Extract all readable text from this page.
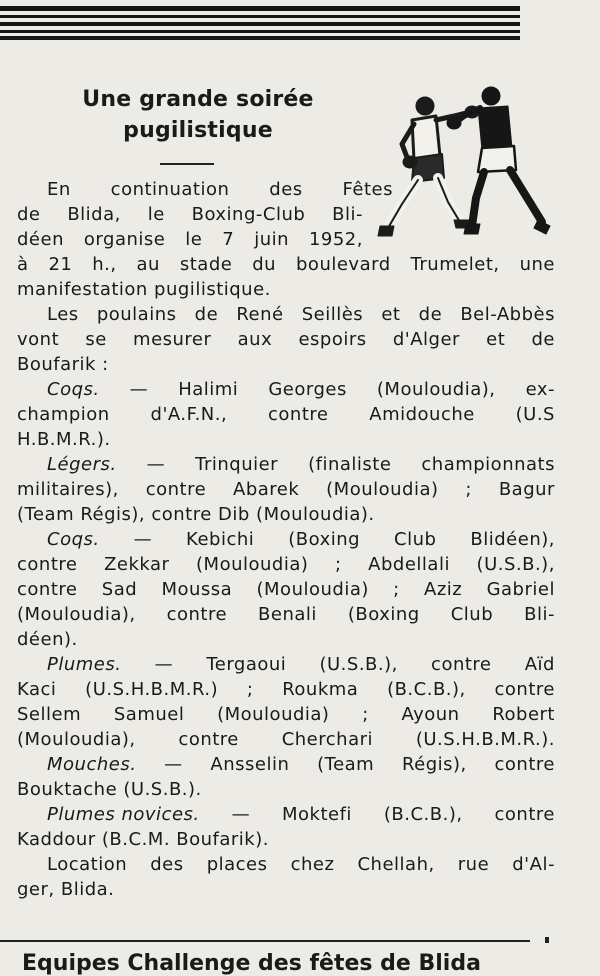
Une grande soirée
pugilistique
En continuation des Fêtes
de Blida, le Boxing-Club Bli-
déen organise le 7 juin 1952,
à 21 h., au stade du boulevard Trumelet, une
manifestation pugilistique.
Les poulains de René Seillès et de Bel-Abbès
vont se mesurer aux espoirs d'Alger et de
Boufarik :
Coqs. — Halimi Georges (Mouloudia), ex-
champion d'A.F.N., contre Amidouche (U.S
H.B.M.R.).
Légers. — Trinquier (finaliste championnats
militaires), contre Abarek (Mouloudia) ; Bagur
(Team Régis), contre Dib (Mouloudia).
Coqs. — Kebichi (Boxing Club Blidéen),
contre Zekkar (Mouloudia) ; Abdellali (U.S.B.),
contre Sad Moussa (Mouloudia) ; Aziz Gabriel
(Mouloudia), contre Benali (Boxing Club Bli-
déen).
Plumes. — Tergaoui (U.S.B.), contre Aïd
Kaci (U.S.H.B.M.R.) ; Roukma (B.C.B.), contre
Sellem Samuel (Mouloudia) ; Ayoun Robert
(Mouloudia), contre Cherchari (U.S.H.B.M.R.).
Mouches. — Ansselin (Team Régis), contre
Bouktache (U.S.B.).
Plumes novices. — Moktefi (B.C.B.), contre
Kaddour (B.C.M. Boufarik).
Location des places chez Chellah, rue d'Al-
ger, Blida.
Equipes Challenge des fêtes de Blida
